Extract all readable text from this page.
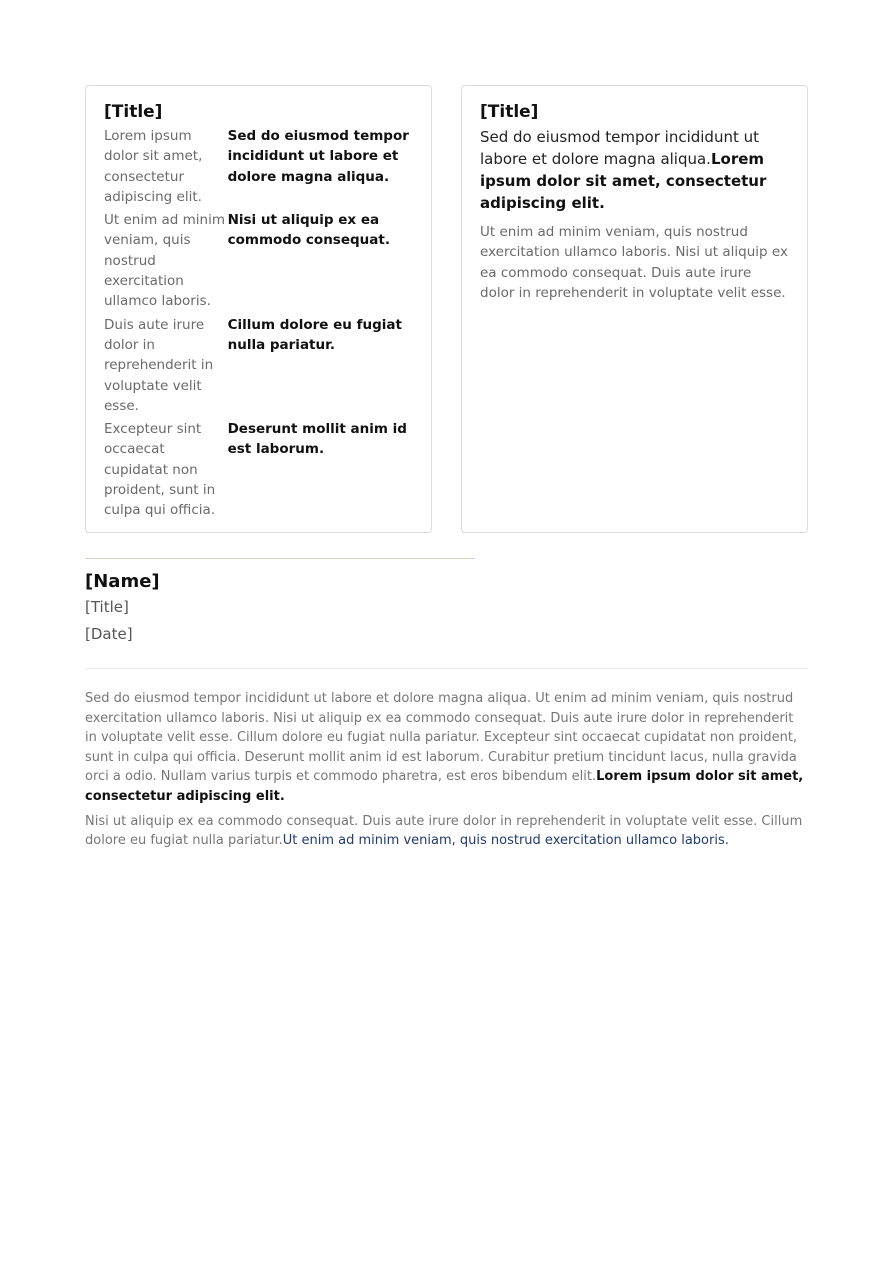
[Title]
Lorem ipsum dolor sit amet, consectetur adipiscing elit.
Sed do eiusmod tempor incididunt ut labore et dolore magna aliqua.
Ut enim ad minim veniam, quis nostrud exercitation ullamco laboris.
Nisi ut aliquip ex ea commodo consequat.
Duis aute irure dolor in reprehenderit in voluptate velit esse.
Cillum dolore eu fugiat nulla pariatur.
Excepteur sint occaecat cupidatat non proident, sunt in culpa qui officia.
Deserunt mollit anim id est laborum.
[Title]

Sed do eiusmod tempor incididunt ut labore et dolore magna aliqua.Lorem ipsum dolor sit amet, consectetur adipiscing elit.

Ut enim ad minim veniam, quis nostrud exercitation ullamco laboris. Nisi ut aliquip ex ea commodo consequat. Duis aute irure dolor in reprehenderit in voluptate velit esse.

[Name]
[Title]
[Date]

Sed do eiusmod tempor incididunt ut labore et dolore magna aliqua. Ut enim ad minim veniam, quis nostrud exercitation ullamco laboris. Nisi ut aliquip ex ea commodo consequat. Duis aute irure dolor in reprehenderit in voluptate velit esse. Cillum dolore eu fugiat nulla pariatur. Excepteur sint occaecat cupidatat non proident, sunt in culpa qui officia. Deserunt mollit anim id est laborum. Curabitur pretium tincidunt lacus, nulla gravida orci a odio. Nullam varius turpis et commodo pharetra, est eros bibendum elit.Lorem ipsum dolor sit amet, consectetur adipiscing elit.

Nisi ut aliquip ex ea commodo consequat. Duis aute irure dolor in reprehenderit in voluptate velit esse. Cillum dolore eu fugiat nulla pariatur.Ut enim ad minim veniam, quis nostrud exercitation ullamco laboris.
